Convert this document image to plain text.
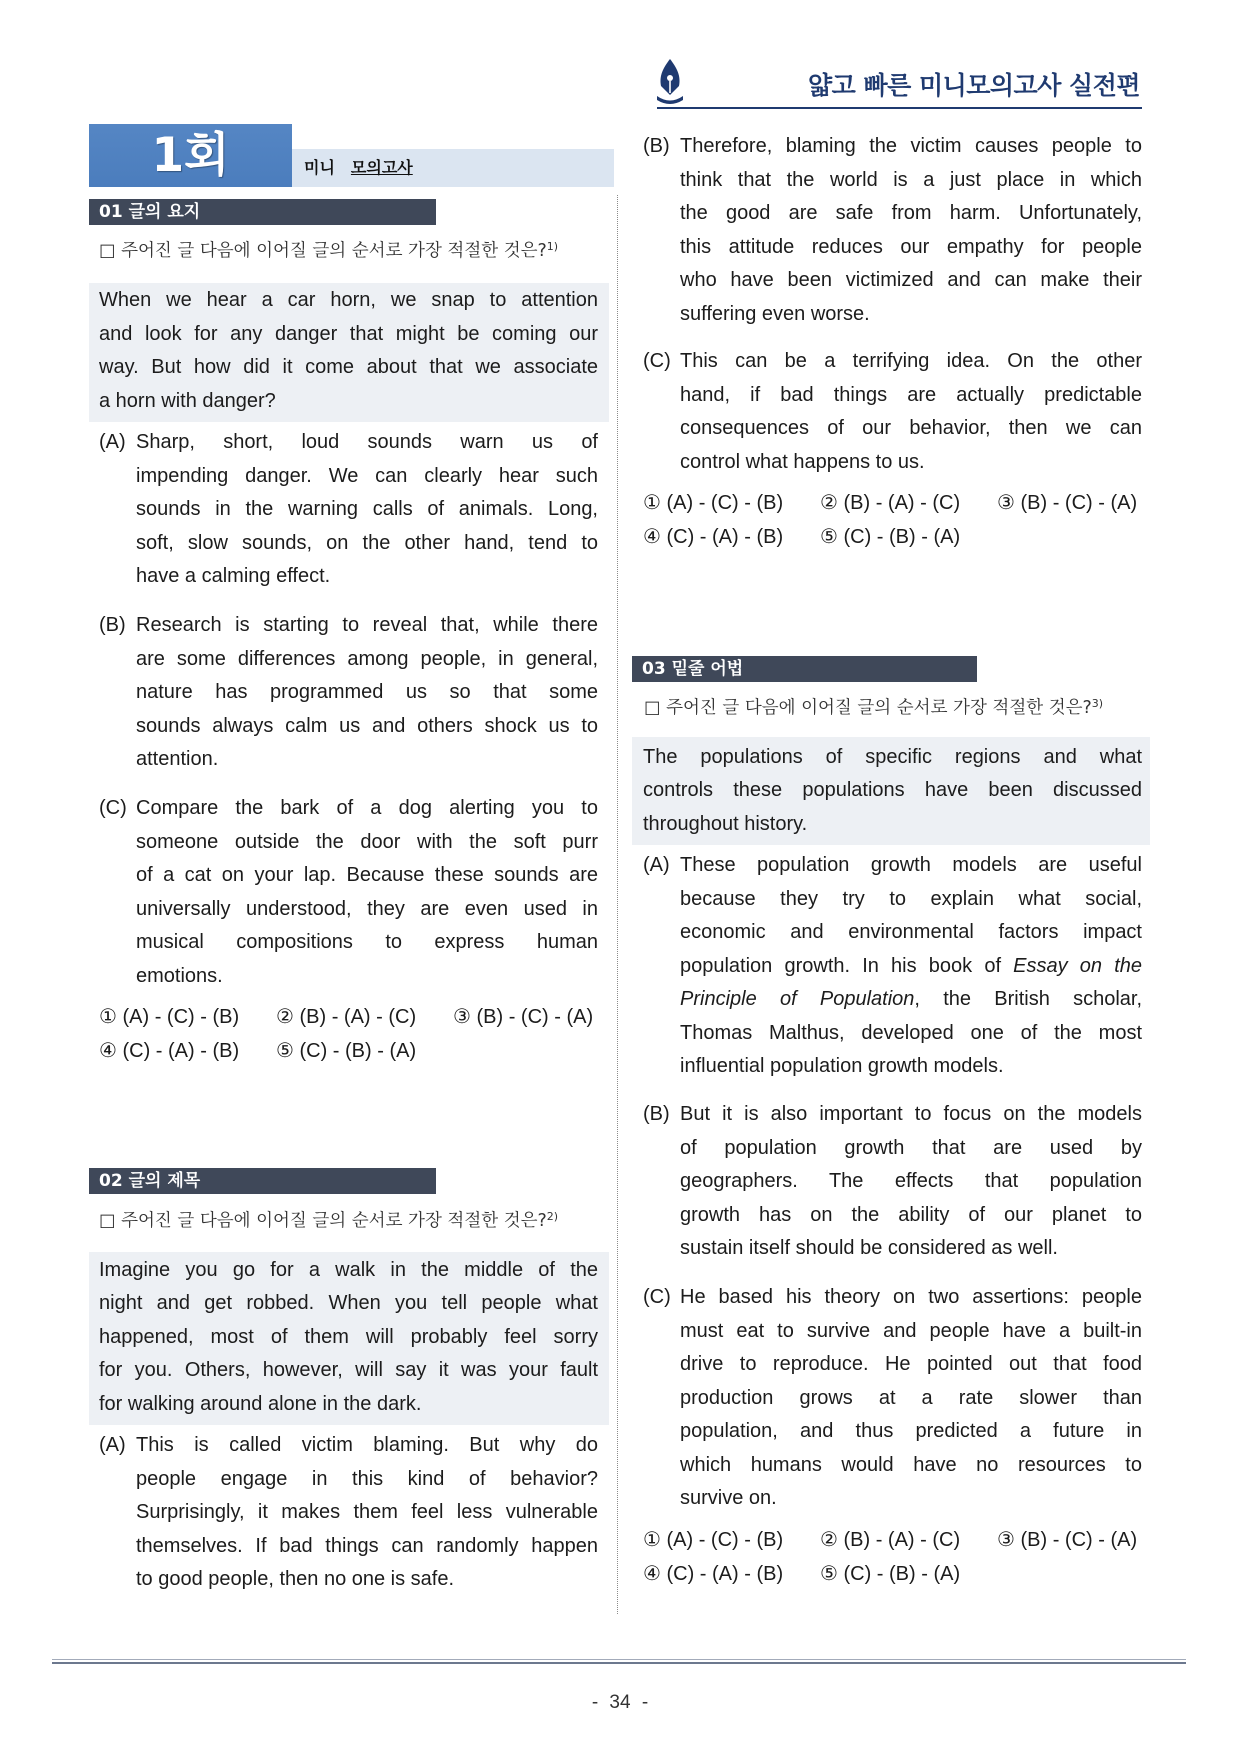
얇고 빠른 미니모의고사 실전편
1회	미니 모의고사
01 글의 요지
□ 주어진 글 다음에 이어질 글의 순서로 가장 적절한 것은?$^{1)}$
When we hear a car horn, we snap to attention
and look for any danger that might be coming our
way. But how did it come about that we associate
a horn with danger?
(A) Sharp, short, loud sounds warn us of
impending danger. We can clearly hear such
sounds in the warning calls of animals. Long,
soft, slow sounds, on the other hand, tend to
have a calming effect.
(B) Research is starting to reveal that, while there
are some differences among people, in general,
nature has programmed us so that some
sounds always calm us and others shock us to
attention.
(C) Compare the bark of a dog alerting you to
someone outside the door with the soft purr
of a cat on your lap. Because these sounds are
universally understood, they are even used in
musical compositions to express human
emotions.
① (A) - (C) - (B)	② (B) - (A) - (C)	③ (B) - (C) - (A)
④ (C) - (A) - (B)	⑤ (C) - (B) - (A)
02 글의 제목
□ 주어진 글 다음에 이어질 글의 순서로 가장 적절한 것은?$^{2)}$
Imagine you go for a walk in the middle of the
night and get robbed. When you tell people what
happened, most of them will probably feel sorry
for you. Others, however, will say it was your fault
for walking around alone in the dark.
(A) This is called victim blaming. But why do
people engage in this kind of behavior?
Surprisingly, it makes them feel less vulnerable
themselves. If bad things can randomly happen
to good people, then no one is safe.
(B) Therefore, blaming the victim causes people to
think that the world is a just place in which
the good are safe from harm. Unfortunately,
this attitude reduces our empathy for people
who have been victimized and can make their
suffering even worse.
(C) This can be a terrifying idea. On the other
hand, if bad things are actually predictable
consequences of our behavior, then we can
control what happens to us.
① (A) - (C) - (B)	② (B) - (A) - (C)	③ (B) - (C) - (A)
④ (C) - (A) - (B)	⑤ (C) - (B) - (A)
03 밑줄 어법
□ 주어진 글 다음에 이어질 글의 순서로 가장 적절한 것은?$^{3)}$
The populations of specific regions and what
controls these populations have been discussed
throughout history.
(A) These population growth models are useful
because they try to explain what social,
economic and environmental factors impact
population growth. In his book of Essay on the
Principle of Population, the British scholar,
Thomas Malthus, developed one of the most
influential population growth models.
(B) But it is also important to focus on the models
of population growth that are used by
geographers. The effects that population
growth has on the ability of our planet to
sustain itself should be considered as well.
(C) He based his theory on two assertions: people
must eat to survive and people have a built-in
drive to reproduce. He pointed out that food
production grows at a rate slower than
population, and thus predicted a future in
which humans would have no resources to
survive on.
① (A) - (C) - (B)	② (B) - (A) - (C)	③ (B) - (C) - (A)
④ (C) - (A) - (B)	⑤ (C) - (B) - (A)
- 34 -
